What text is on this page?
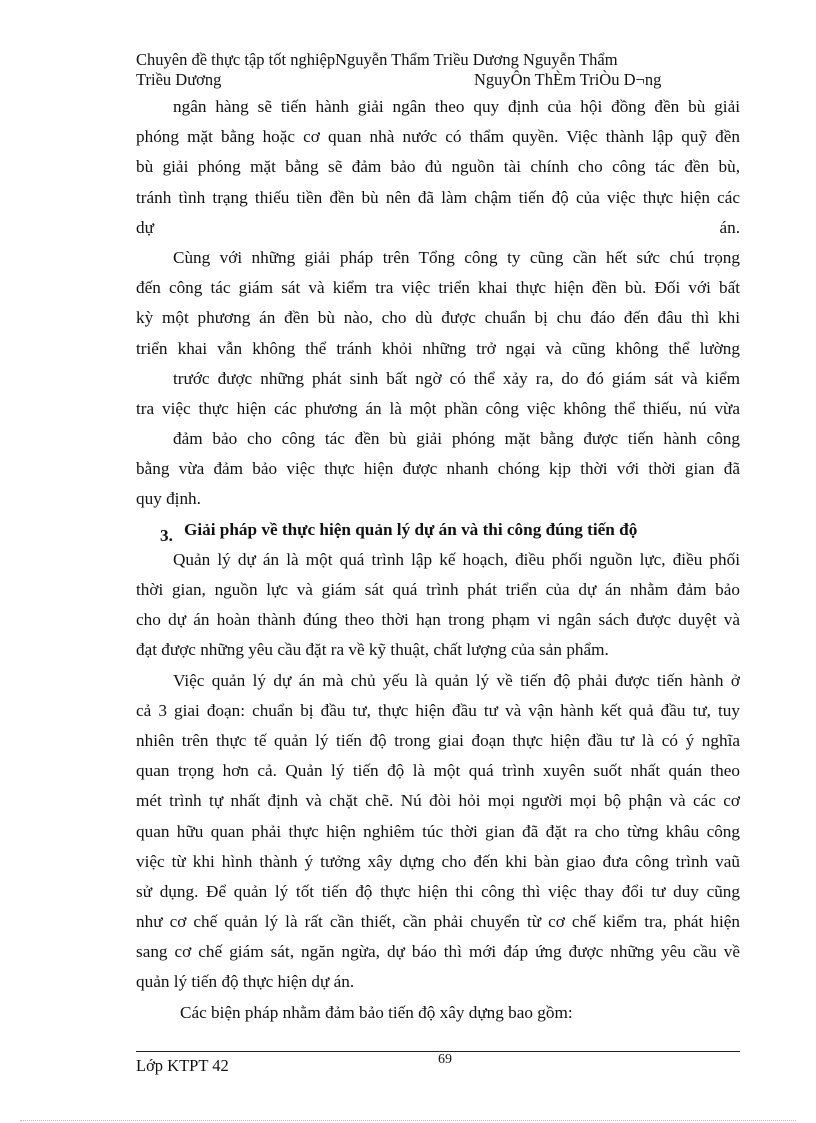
Chuyên đề thực tập tốt nghiệpNguyễn Thẩm Triều Dương Nguyễn Thẩm
Triều Dương	NguyÔn ThÈm TriÒu D¬ng
ngân hàng sẽ tiến hành giải ngân theo quy định của hội đồng đền bù giải
phóng mặt bằng hoặc cơ quan nhà nước có thẩm quyền. Việc thành lập quỹ đền
bù giải phóng mặt bằng sẽ đảm bảo đủ nguồn tài chính cho công tác đền bù,
tránh tình trạng thiếu tiền đền bù nên đã làm chậm tiến độ của việc thực hiện các
dự	án.
Cùng với những giải pháp trên Tổng công ty cũng cần hết sức chú trọng
đến công tác giám sát và kiểm tra việc triển khai thực hiện đền bù. Đối với bất
kỳ một phương án đền bù nào, cho dù được chuẩn bị chu đáo đến đâu thì khi
triển khai vẫn không thể tránh khỏi những trở ngại và cũng không thể lường
trước được những phát sinh bất ngờ có thể xảy ra, do đó giám sát và kiểm
tra việc thực hiện các phương án là một phần công việc không thể thiếu, nú vừa
đảm bảo cho công tác đền bù giải phóng mặt bằng được tiến hành công
bằng vừa đảm bảo việc thực hiện được nhanh chóng kịp thời với thời gian đã
quy định.
3. Giải pháp về thực hiện quản lý dự án và thi công đúng tiến độ
Quản lý dự án là một quá trình lập kế hoạch, điều phối nguồn lực, điều phối
thời gian, nguồn lực và giám sát quá trình phát triển của dự án nhằm đảm bảo
cho dự án hoàn thành đúng theo thời hạn trong phạm vi ngân sách được duyệt và
đạt được những yêu cầu đặt ra về kỹ thuật, chất lượng của sản phẩm.
Việc quản lý dự án mà chủ yếu là quản lý về tiến độ phải được tiến hành ở
cả 3 giai đoạn: chuẩn bị đầu tư, thực hiện đầu tư và vận hành kết quả đầu tư, tuy
nhiên trên thực tế quản lý tiến độ trong giai đoạn thực hiện đầu tư là có ý nghĩa
quan trọng hơn cả. Quản lý tiến độ là một quá trình xuyên suốt nhất quán theo
mét trình tự nhất định và chặt chẽ. Nú đòi hỏi mọi người mọi bộ phận và các cơ
quan hữu quan phải thực hiện nghiêm túc thời gian đã đặt ra cho từng khâu công
việc từ khi hình thành ý tưởng xây dựng cho đến khi bàn giao đưa công trình vaũ
sử dụng. Để quản lý tốt tiến độ thực hiện thi công thì việc thay đổi tư duy cũng
như cơ chế quản lý là rất cần thiết, cần phải chuyển từ cơ chế kiểm tra, phát hiện
sang cơ chế giám sát, ngăn ngừa, dự báo thì mới đáp ứng được những yêu cầu về
quản lý tiến độ thực hiện dự án.
Các biện pháp nhằm đảm bảo tiến độ xây dựng bao gồm:
69
Lớp KTPT 42
